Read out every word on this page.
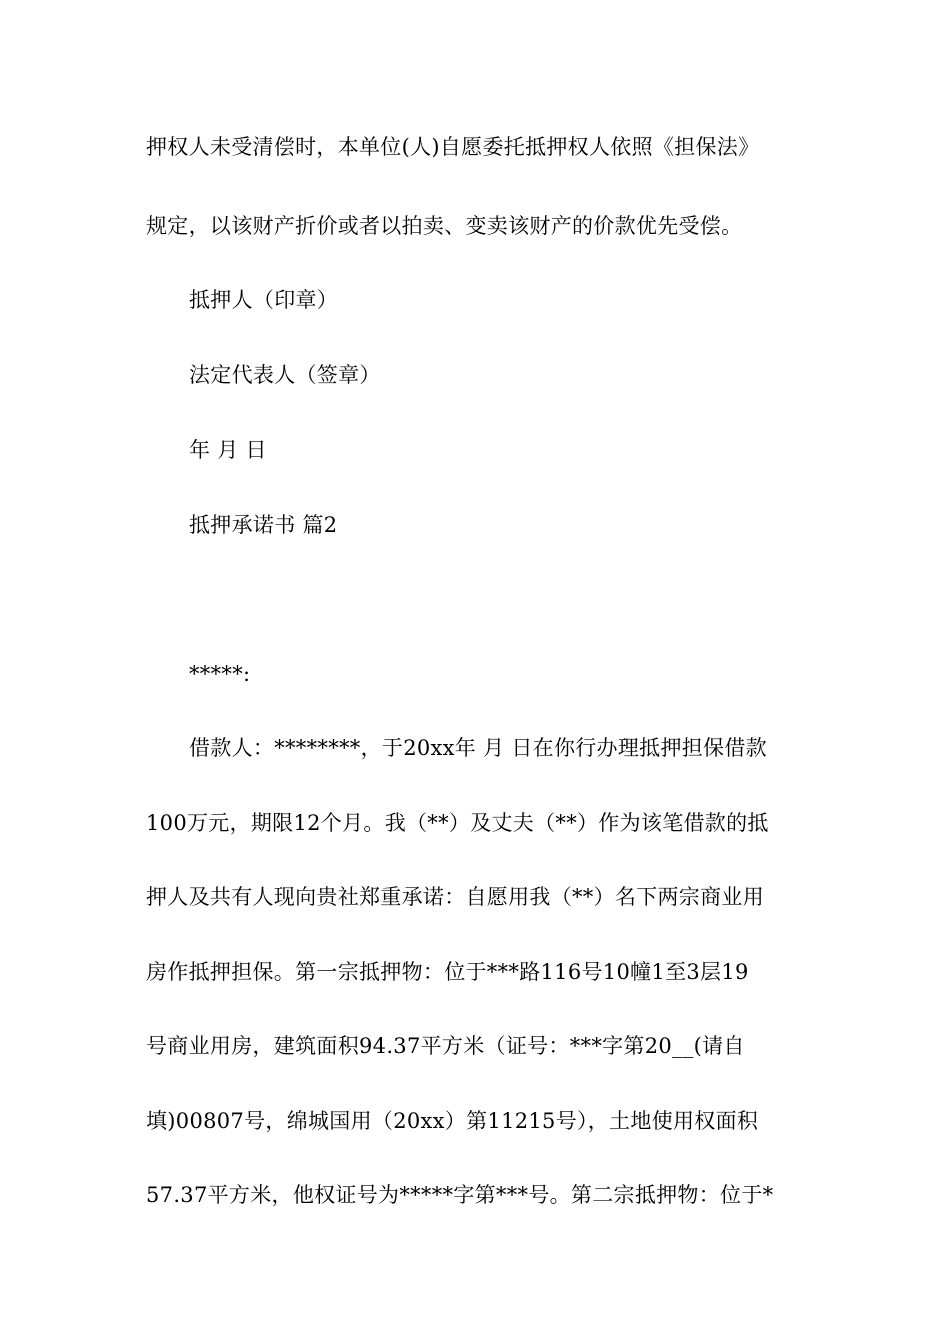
押权人未受清偿时，本单位(人)自愿委托抵押权人依照《担保法》
规定，以该财产折价或者以拍卖、变卖该财产的价款优先受偿。
抵押人（印章）
法定代表人（签章）
年 月 日
抵押承诺书 篇2
*****:
借款人：********，于20xx年 月 日在你行办理抵押担保借款
100万元，期限12个月。我（**）及丈夫（**）作为该笔借款的抵
押人及共有人现向贵社郑重承诺：自愿用我（**）名下两宗商业用
房作抵押担保。第一宗抵押物：位于***路116号10幢1至3层19
号商业用房，建筑面积94.37平方米（证号：***字第20__(请自
填)00807号，绵城国用（20xx）第11215号），土地使用权面积
57.37平方米，他权证号为*****字第***号。第二宗抵押物：位于*
